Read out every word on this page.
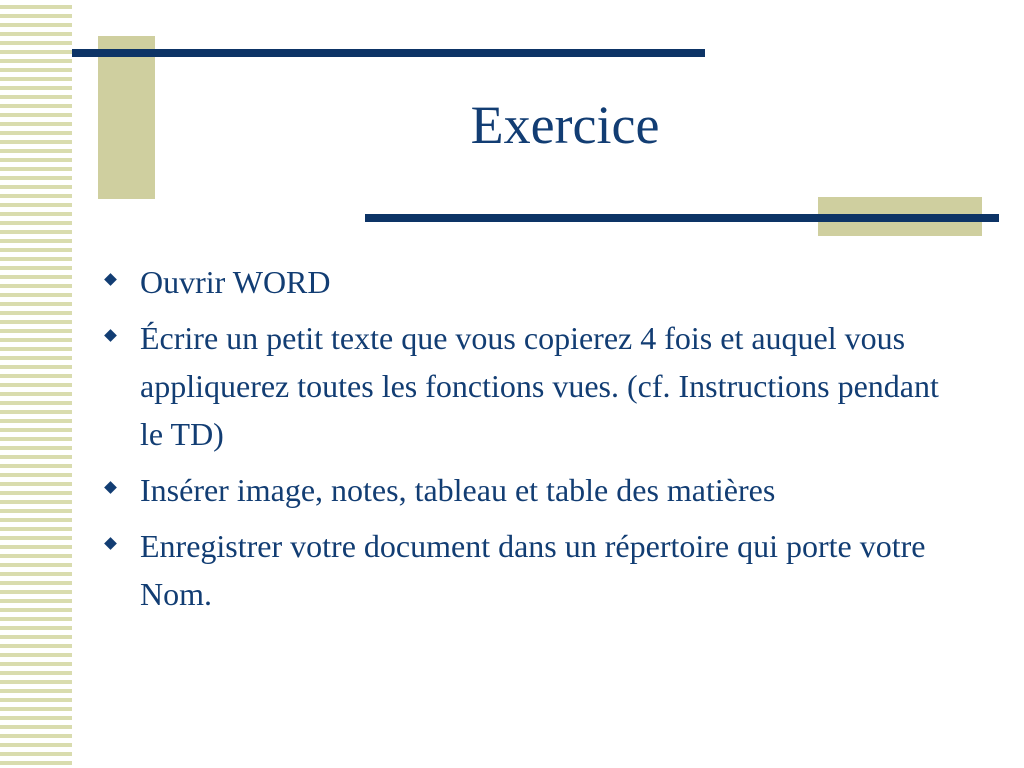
Exercice
Ouvrir WORD
Écrire un petit texte que vous copierez 4 fois et auquel vous appliquerez toutes les fonctions vues. (cf. Instructions pendant le TD)
Insérer image, notes, tableau et table des matières
Enregistrer votre document dans un répertoire qui porte votre Nom.
